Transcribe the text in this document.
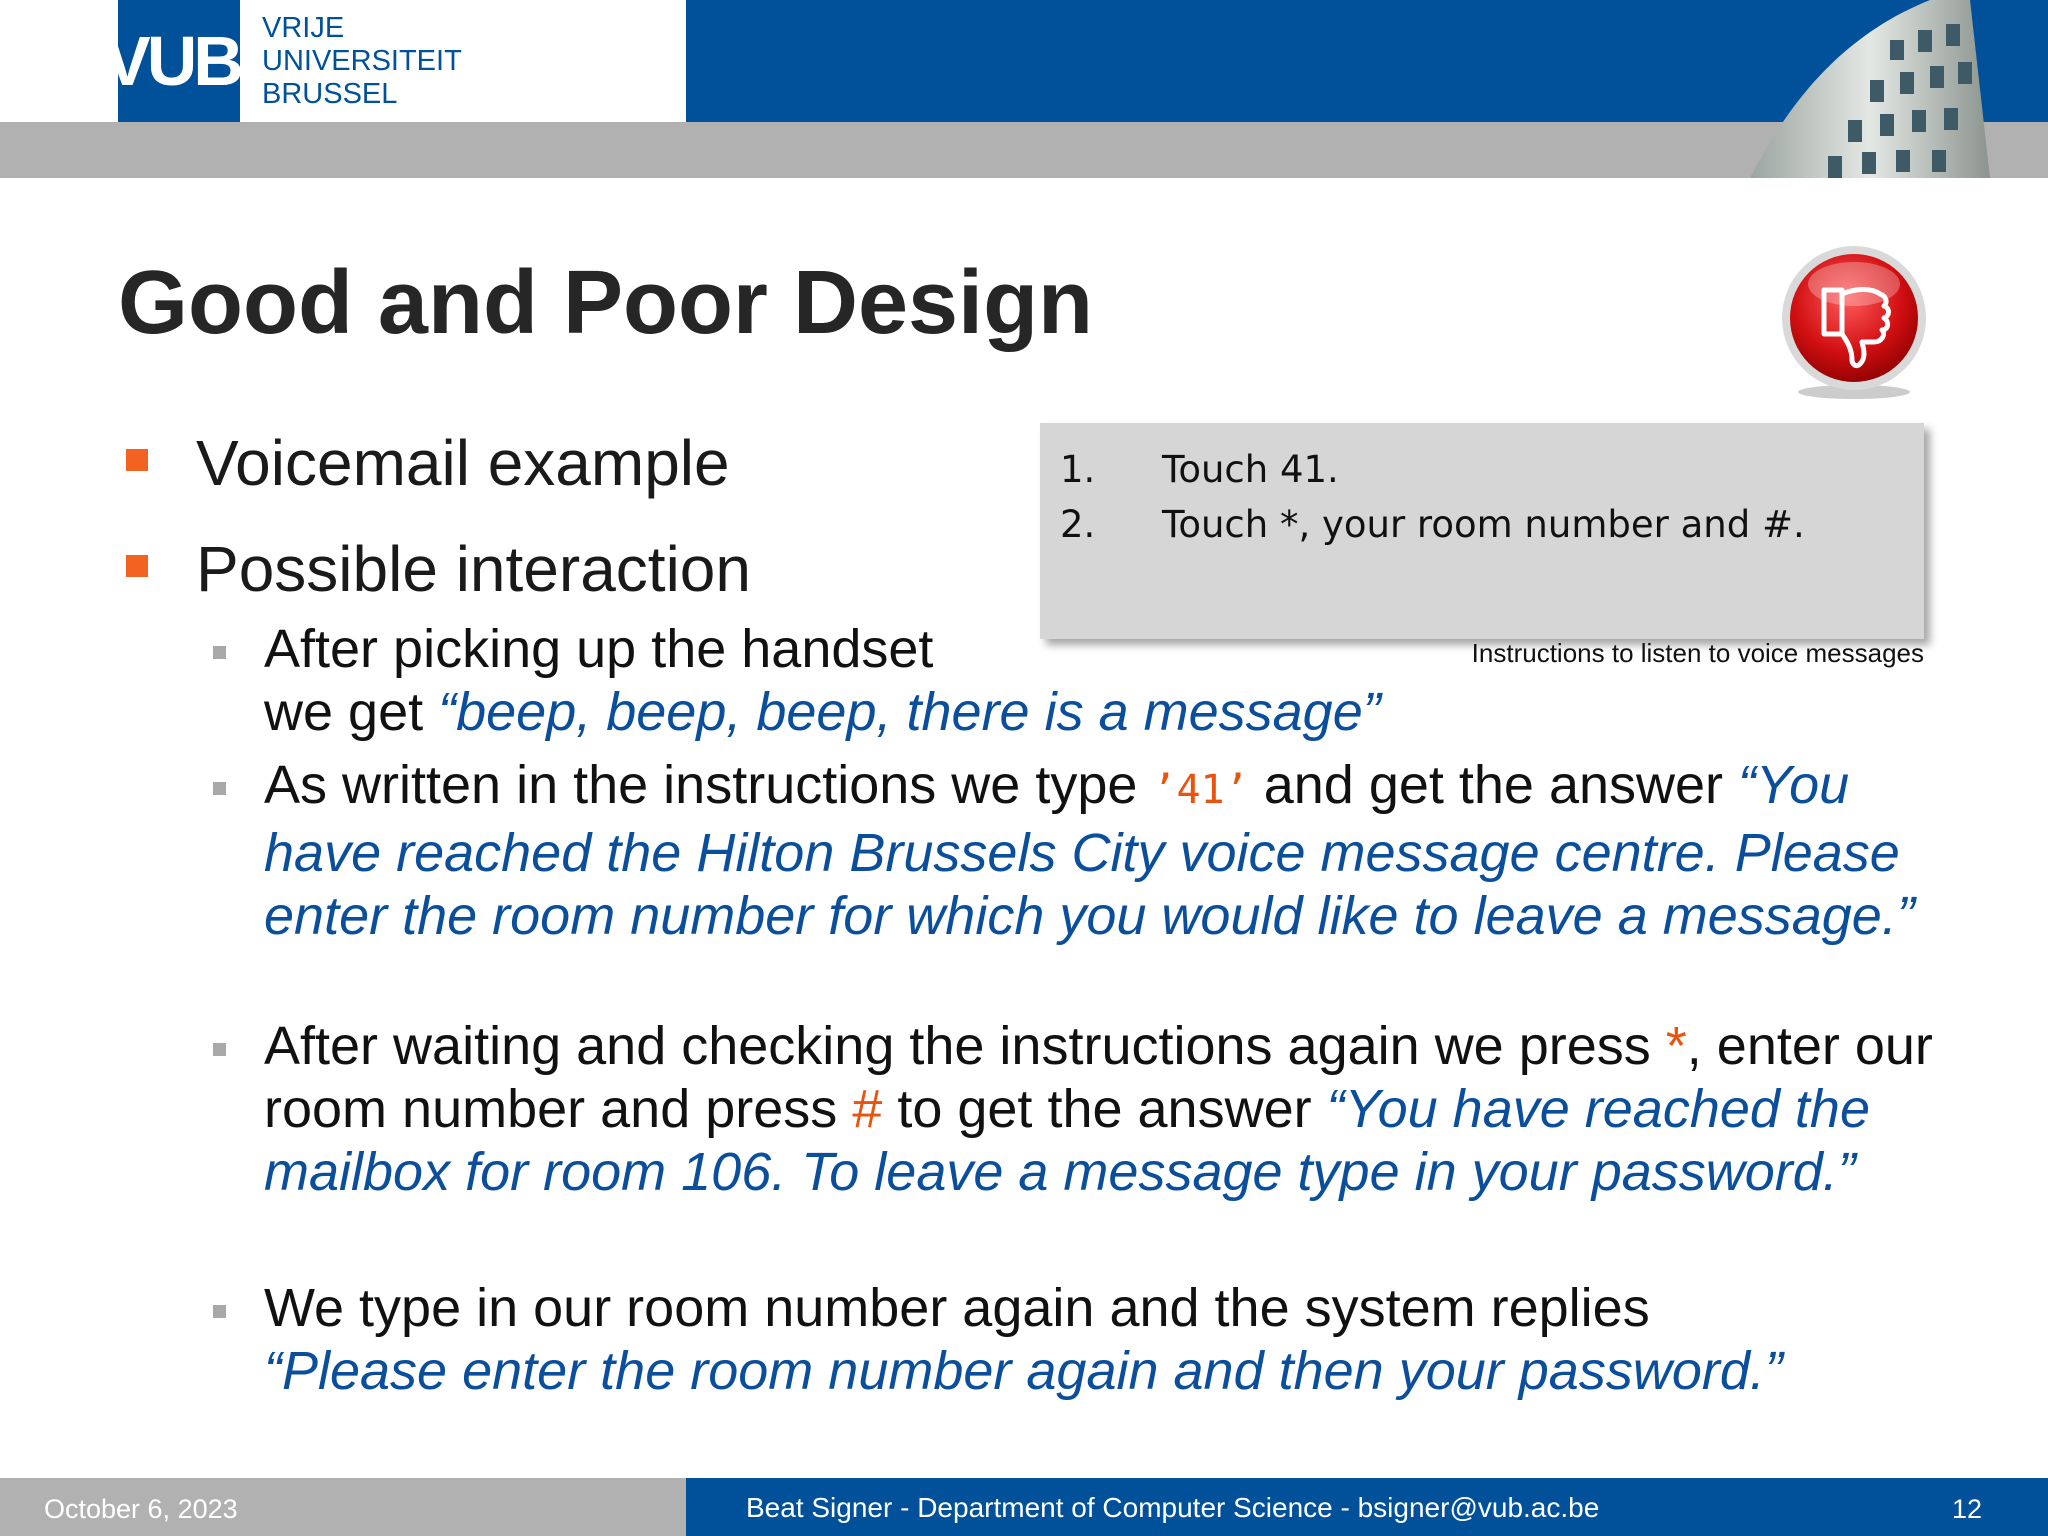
VUB VRIJE
UNIVERSITEIT
BRUSSEL
Good and Poor Design
Voicemail example
Possible interaction
1. Touch 41.
2. Touch *, your room number and #.
Instructions to listen to voice messages
After picking up the handset
we get “beep, beep, beep, there is a message”
As written in the instructions we type ’41’ and get the answer “You have reached the Hilton Brussels City voice message centre. Please enter the room number for which you would like to leave a message.”
After waiting and checking the instructions again we press *, enter our room number and press # to get the answer “You have reached the mailbox for room 106. To leave a message type in your password.”
We type in our room number again and the system replies
“Please enter the room number again and then your password.”
October 6, 2023	Beat Signer - Department of Computer Science - bsigner@vub.ac.be	12
